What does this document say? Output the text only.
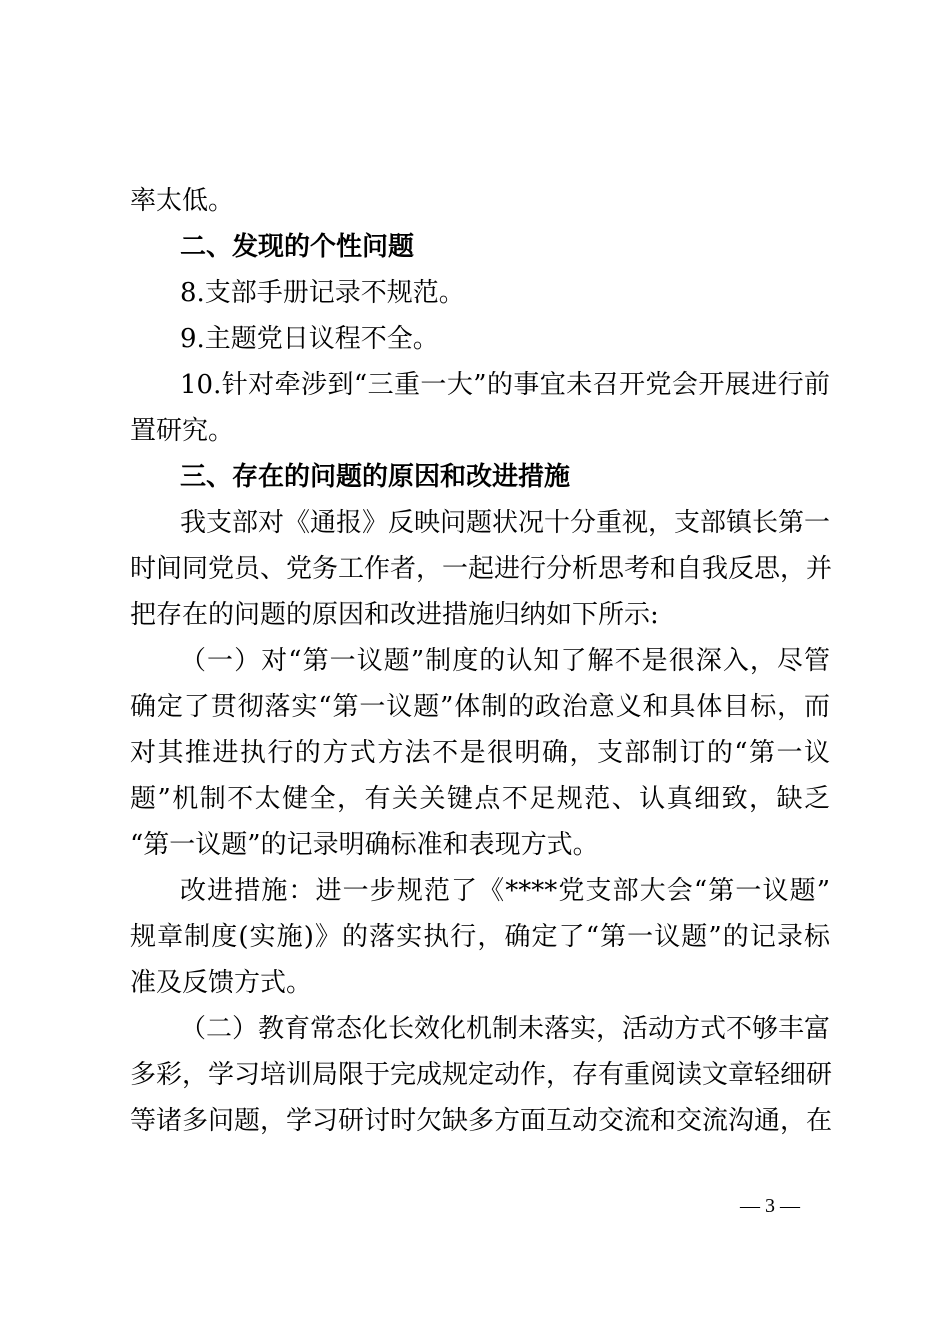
率太低。
二、发现的个性问题
8.支部手册记录不规范。
9.主题党日议程不全。
10.针对牵涉到“三重一大”的事宜未召开党会开展进行前
置研究。
三、存在的问题的原因和改进措施
我支部对《通报》反映问题状况十分重视，支部镇长第一
时间同党员、党务工作者，一起进行分析思考和自我反思，并
把存在的问题的原因和改进措施归纳如下所示:
（一）对“第一议题”制度的认知了解不是很深入，尽管
确定了贯彻落实“第一议题”体制的政治意义和具体目标，而
对其推进执行的方式方法不是很明确，支部制订的“第一议
题”机制不太健全，有关关键点不足规范、认真细致，缺乏
“第一议题”的记录明确标准和表现方式。
改进措施：进一步规范了《****党支部大会“第一议题”
规章制度(实施)》的落实执行，确定了“第一议题”的记录标
准及反馈方式。
（二）教育常态化长效化机制未落实，活动方式不够丰富
多彩，学习培训局限于完成规定动作，存有重阅读文章轻细研
等诸多问题，学习研讨时欠缺多方面互动交流和交流沟通，在
— 3 —
